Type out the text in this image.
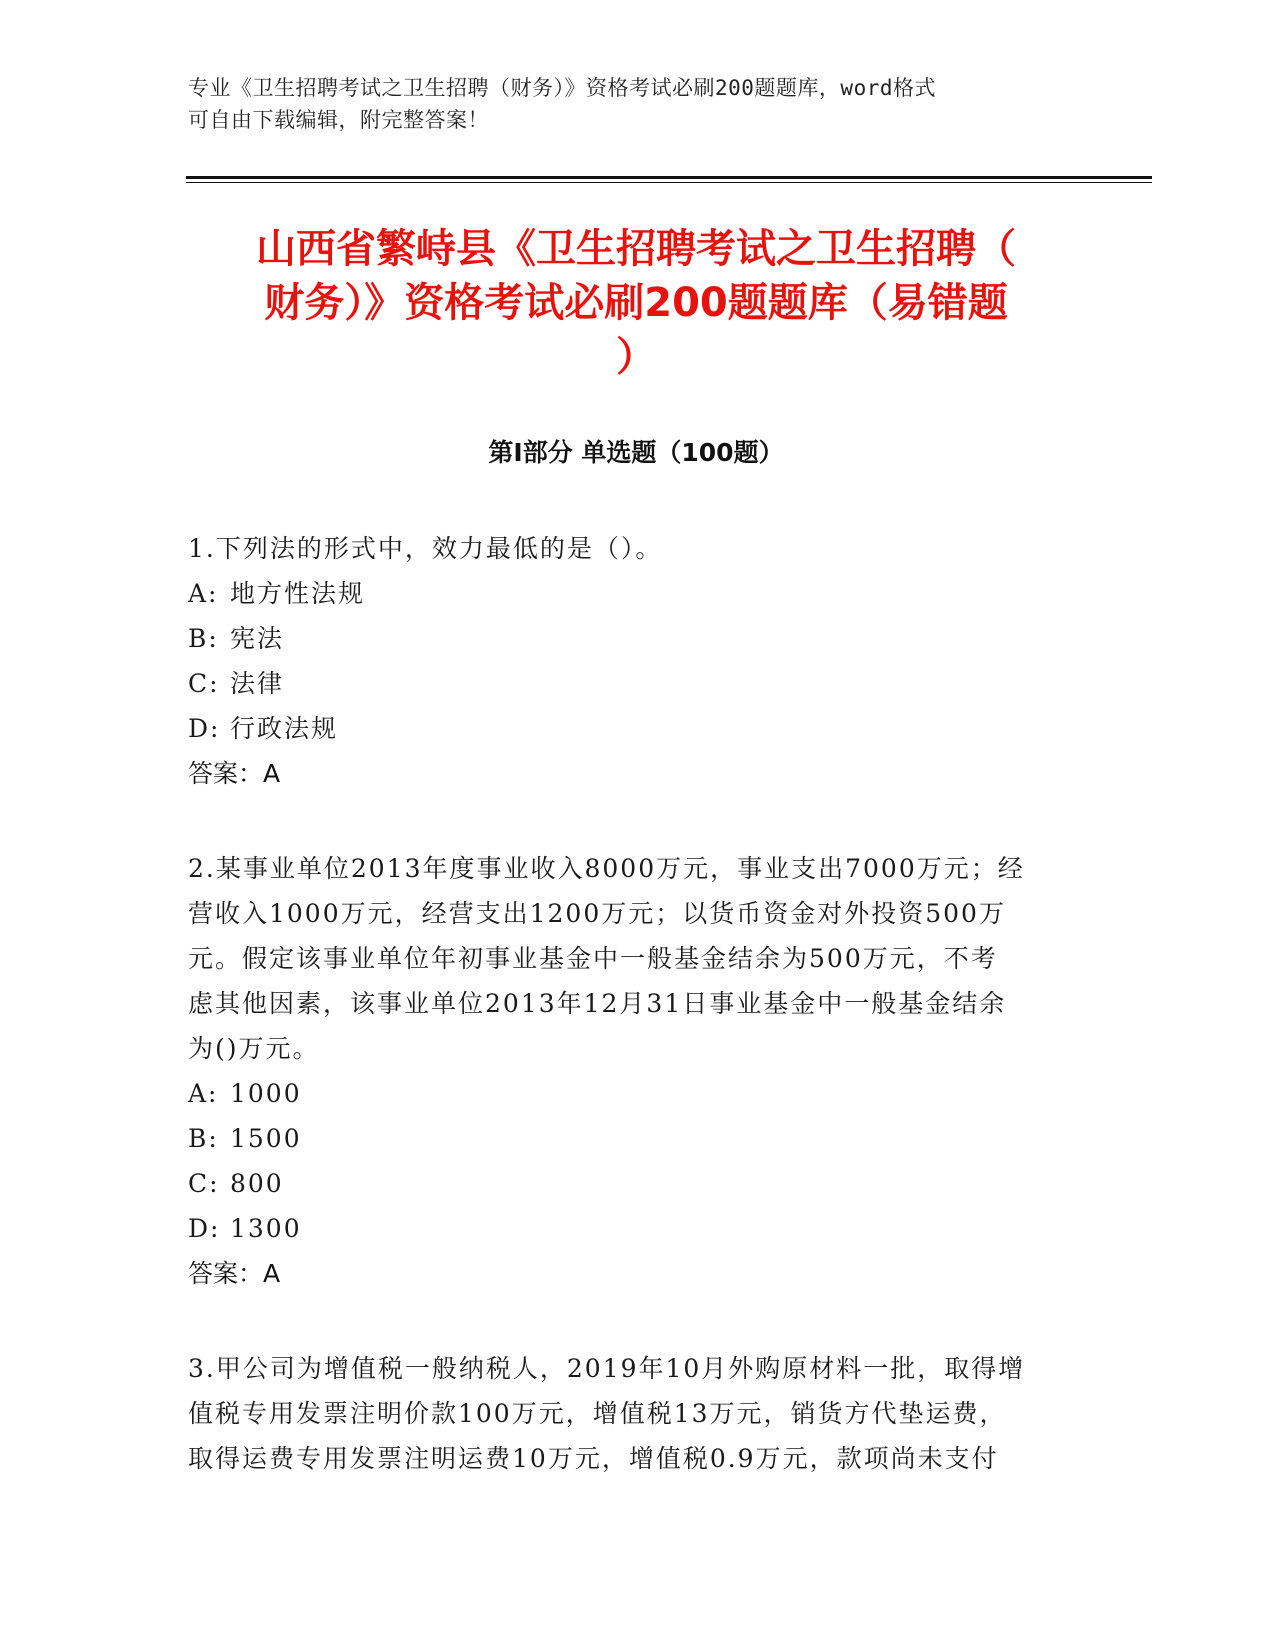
专业《卫生招聘考试之卫生招聘（财务）》资格考试必刷200题题库，word格式
可自由下载编辑，附完整答案！
山西省繁峙县《卫生招聘考试之卫生招聘（
财务）》资格考试必刷200题题库（易错题
）
第Ⅰ部分 单选题（100题）

1.下列法的形式中，效力最低的是（）。

A: 地方性法规

B: 宪法

C: 法律

D: 行政法规

答案：A

2.某事业单位2013年度事业收入8000万元，事业支出7000万元；经

营收入1000万元，经营支出1200万元；以货币资金对外投资500万

元。假定该事业单位年初事业基金中一般基金结余为500万元，不考

虑其他因素，该事业单位2013年12月31日事业基金中一般基金结余

为()万元。

A: 1000

B: 1500

C: 800

D: 1300

答案：A

3.甲公司为增值税一般纳税人，2019年10月外购原材料一批，取得增

值税专用发票注明价款100万元，增值税13万元，销货方代垫运费，

取得运费专用发票注明运费10万元，增值税0.9万元，款项尚未支付
